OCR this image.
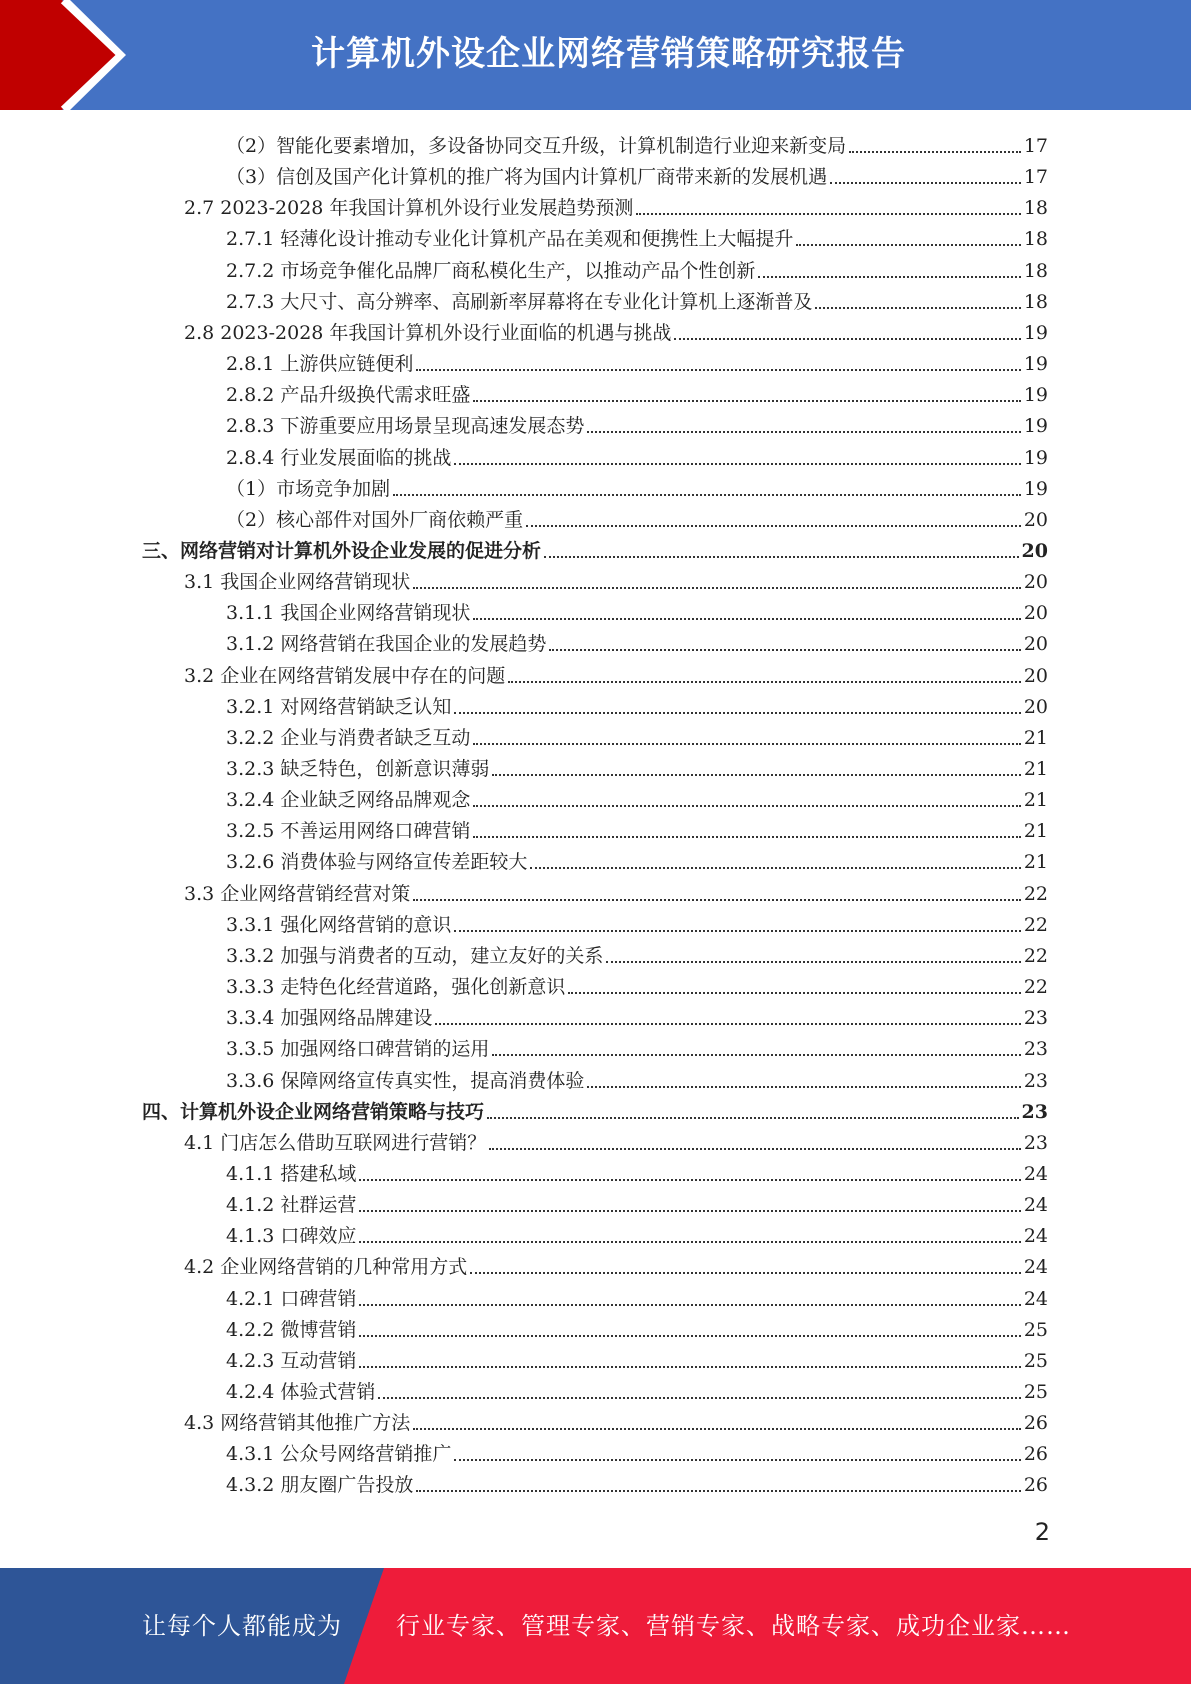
计算机外设企业网络营销策略研究报告
（2）智能化要素增加，多设备协同交互升级，计算机制造行业迎来新变局	17
（3）信创及国产化计算机的推广将为国内计算机厂商带来新的发展机遇	17
2.7 2023-2028 年我国计算机外设行业发展趋势预测	18
2.7.1 轻薄化设计推动专业化计算机产品在美观和便携性上大幅提升	18
2.7.2 市场竞争催化品牌厂商私模化生产，以推动产品个性创新	18
2.7.3 大尺寸、高分辨率、高刷新率屏幕将在专业化计算机上逐渐普及	18
2.8 2023-2028 年我国计算机外设行业面临的机遇与挑战	19
2.8.1 上游供应链便利	19
2.8.2 产品升级换代需求旺盛	19
2.8.3 下游重要应用场景呈现高速发展态势	19
2.8.4 行业发展面临的挑战	19
（1）市场竞争加剧	19
（2）核心部件对国外厂商依赖严重	20
三、网络营销对计算机外设企业发展的促进分析	20
3.1 我国企业网络营销现状	20
3.1.1 我国企业网络营销现状	20
3.1.2 网络营销在我国企业的发展趋势	20
3.2 企业在网络营销发展中存在的问题	20
3.2.1 对网络营销缺乏认知	20
3.2.2 企业与消费者缺乏互动	21
3.2.3 缺乏特色，创新意识薄弱	21
3.2.4 企业缺乏网络品牌观念	21
3.2.5 不善运用网络口碑营销	21
3.2.6 消费体验与网络宣传差距较大	21
3.3 企业网络营销经营对策	22
3.3.1 强化网络营销的意识	22
3.3.2 加强与消费者的互动，建立友好的关系	22
3.3.3 走特色化经营道路，强化创新意识	22
3.3.4 加强网络品牌建设	23
3.3.5 加强网络口碑营销的运用	23
3.3.6 保障网络宣传真实性，提高消费体验	23
四、计算机外设企业网络营销策略与技巧	23
4.1 门店怎么借助互联网进行营销？	23
4.1.1 搭建私域	24
4.1.2 社群运营	24
4.1.3 口碑效应	24
4.2 企业网络营销的几种常用方式	24
4.2.1 口碑营销	24
4.2.2 微博营销	25
4.2.3 互动营销	25
4.2.4 体验式营销	25
4.3 网络营销其他推广方法	26
4.3.1 公众号网络营销推广	26
4.3.2 朋友圈广告投放	26
2
让每个人都能成为 行业专家、管理专家、营销专家、战略专家、成功企业家……
